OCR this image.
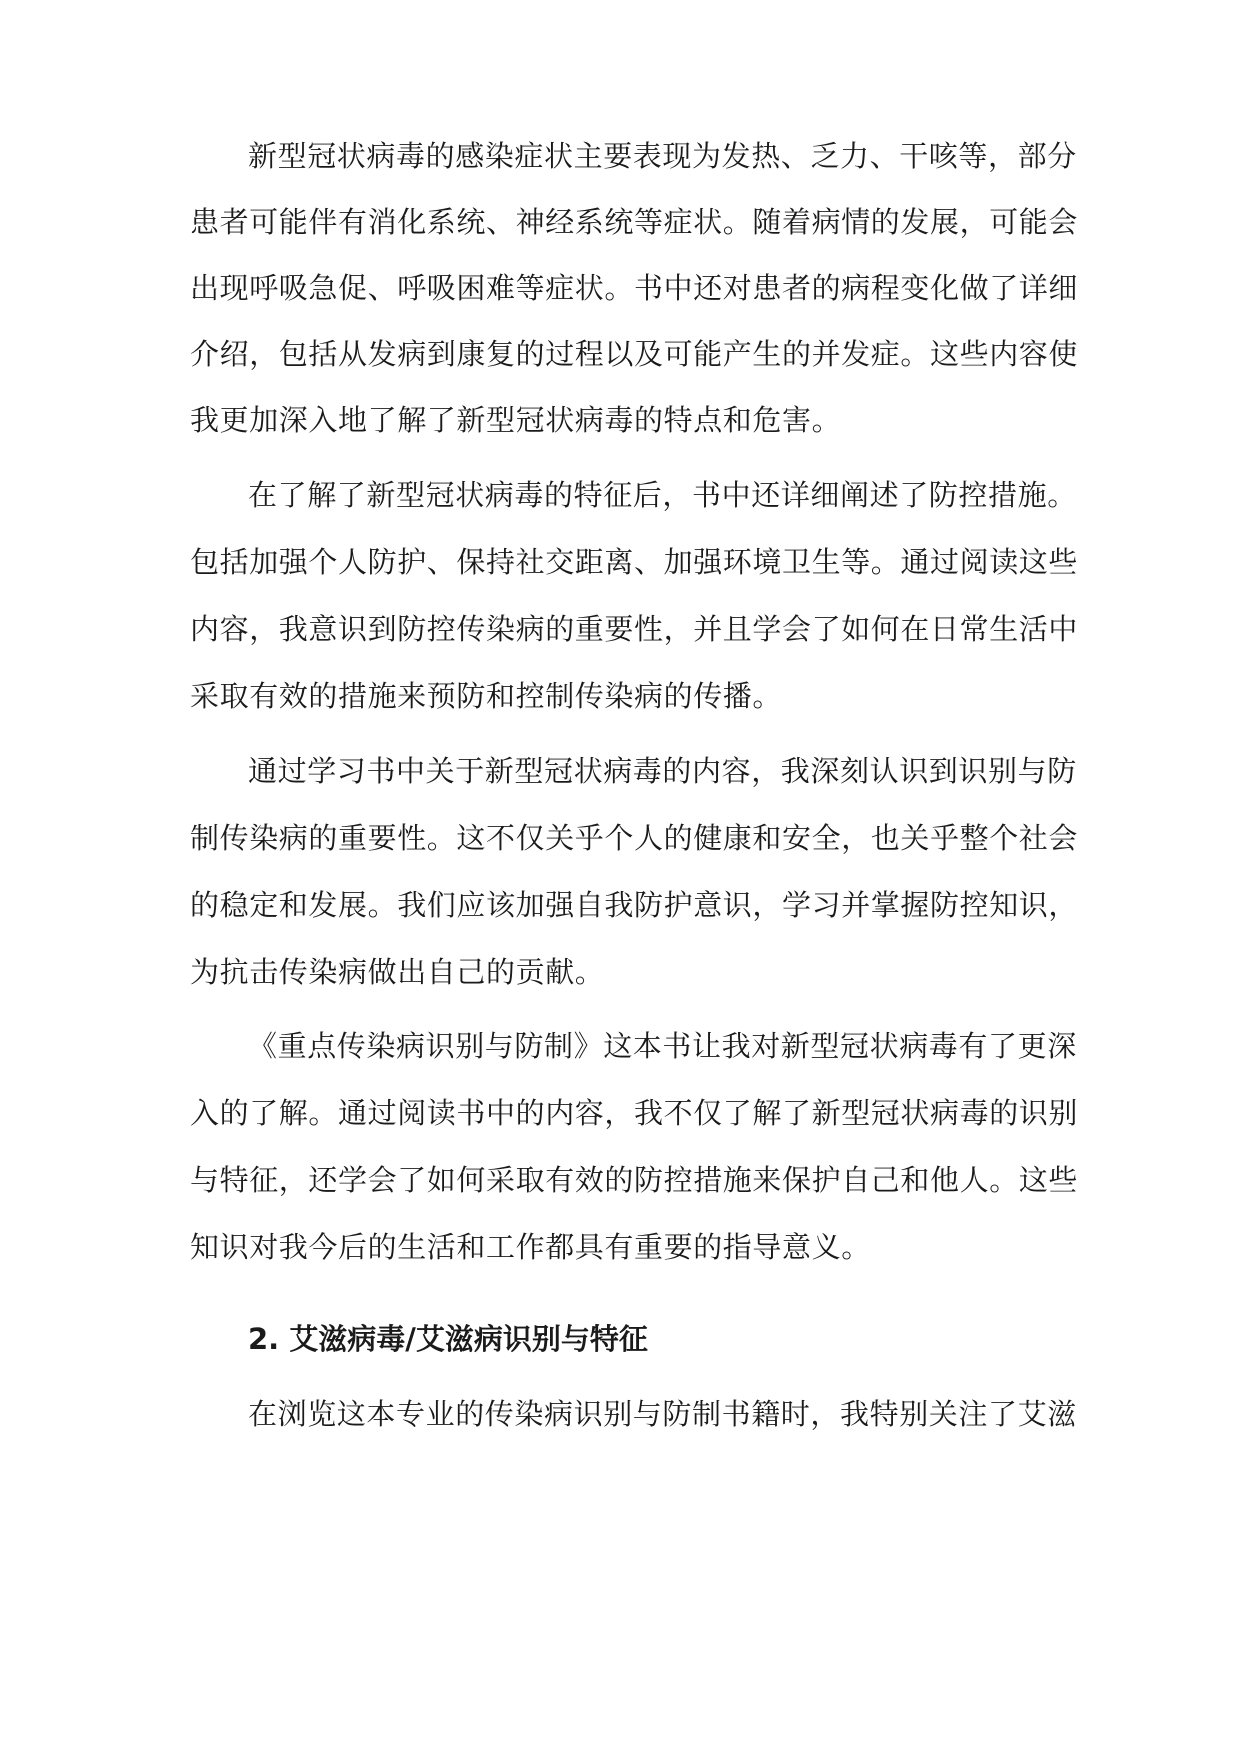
新型冠状病毒的感染症状主要表现为发热、乏力、干咳等，部分

患者可能伴有消化系统、神经系统等症状。随着病情的发展，可能会

出现呼吸急促、呼吸困难等症状。书中还对患者的病程变化做了详细

介绍，包括从发病到康复的过程以及可能产生的并发症。这些内容使

我更加深入地了解了新型冠状病毒的特点和危害。

在了解了新型冠状病毒的特征后，书中还详细阐述了防控措施。

包括加强个人防护、保持社交距离、加强环境卫生等。通过阅读这些

内容，我意识到防控传染病的重要性，并且学会了如何在日常生活中

采取有效的措施来预防和控制传染病的传播。

通过学习书中关于新型冠状病毒的内容，我深刻认识到识别与防

制传染病的重要性。这不仅关乎个人的健康和安全，也关乎整个社会

的稳定和发展。我们应该加强自我防护意识，学习并掌握防控知识，

为抗击传染病做出自己的贡献。

《重点传染病识别与防制》这本书让我对新型冠状病毒有了更深

入的了解。通过阅读书中的内容，我不仅了解了新型冠状病毒的识别

与特征，还学会了如何采取有效的防控措施来保护自己和他人。这些

知识对我今后的生活和工作都具有重要的指导意义。

2. 艾滋病毒/艾滋病识别与特征

在浏览这本专业的传染病识别与防制书籍时，我特别关注了艾滋
